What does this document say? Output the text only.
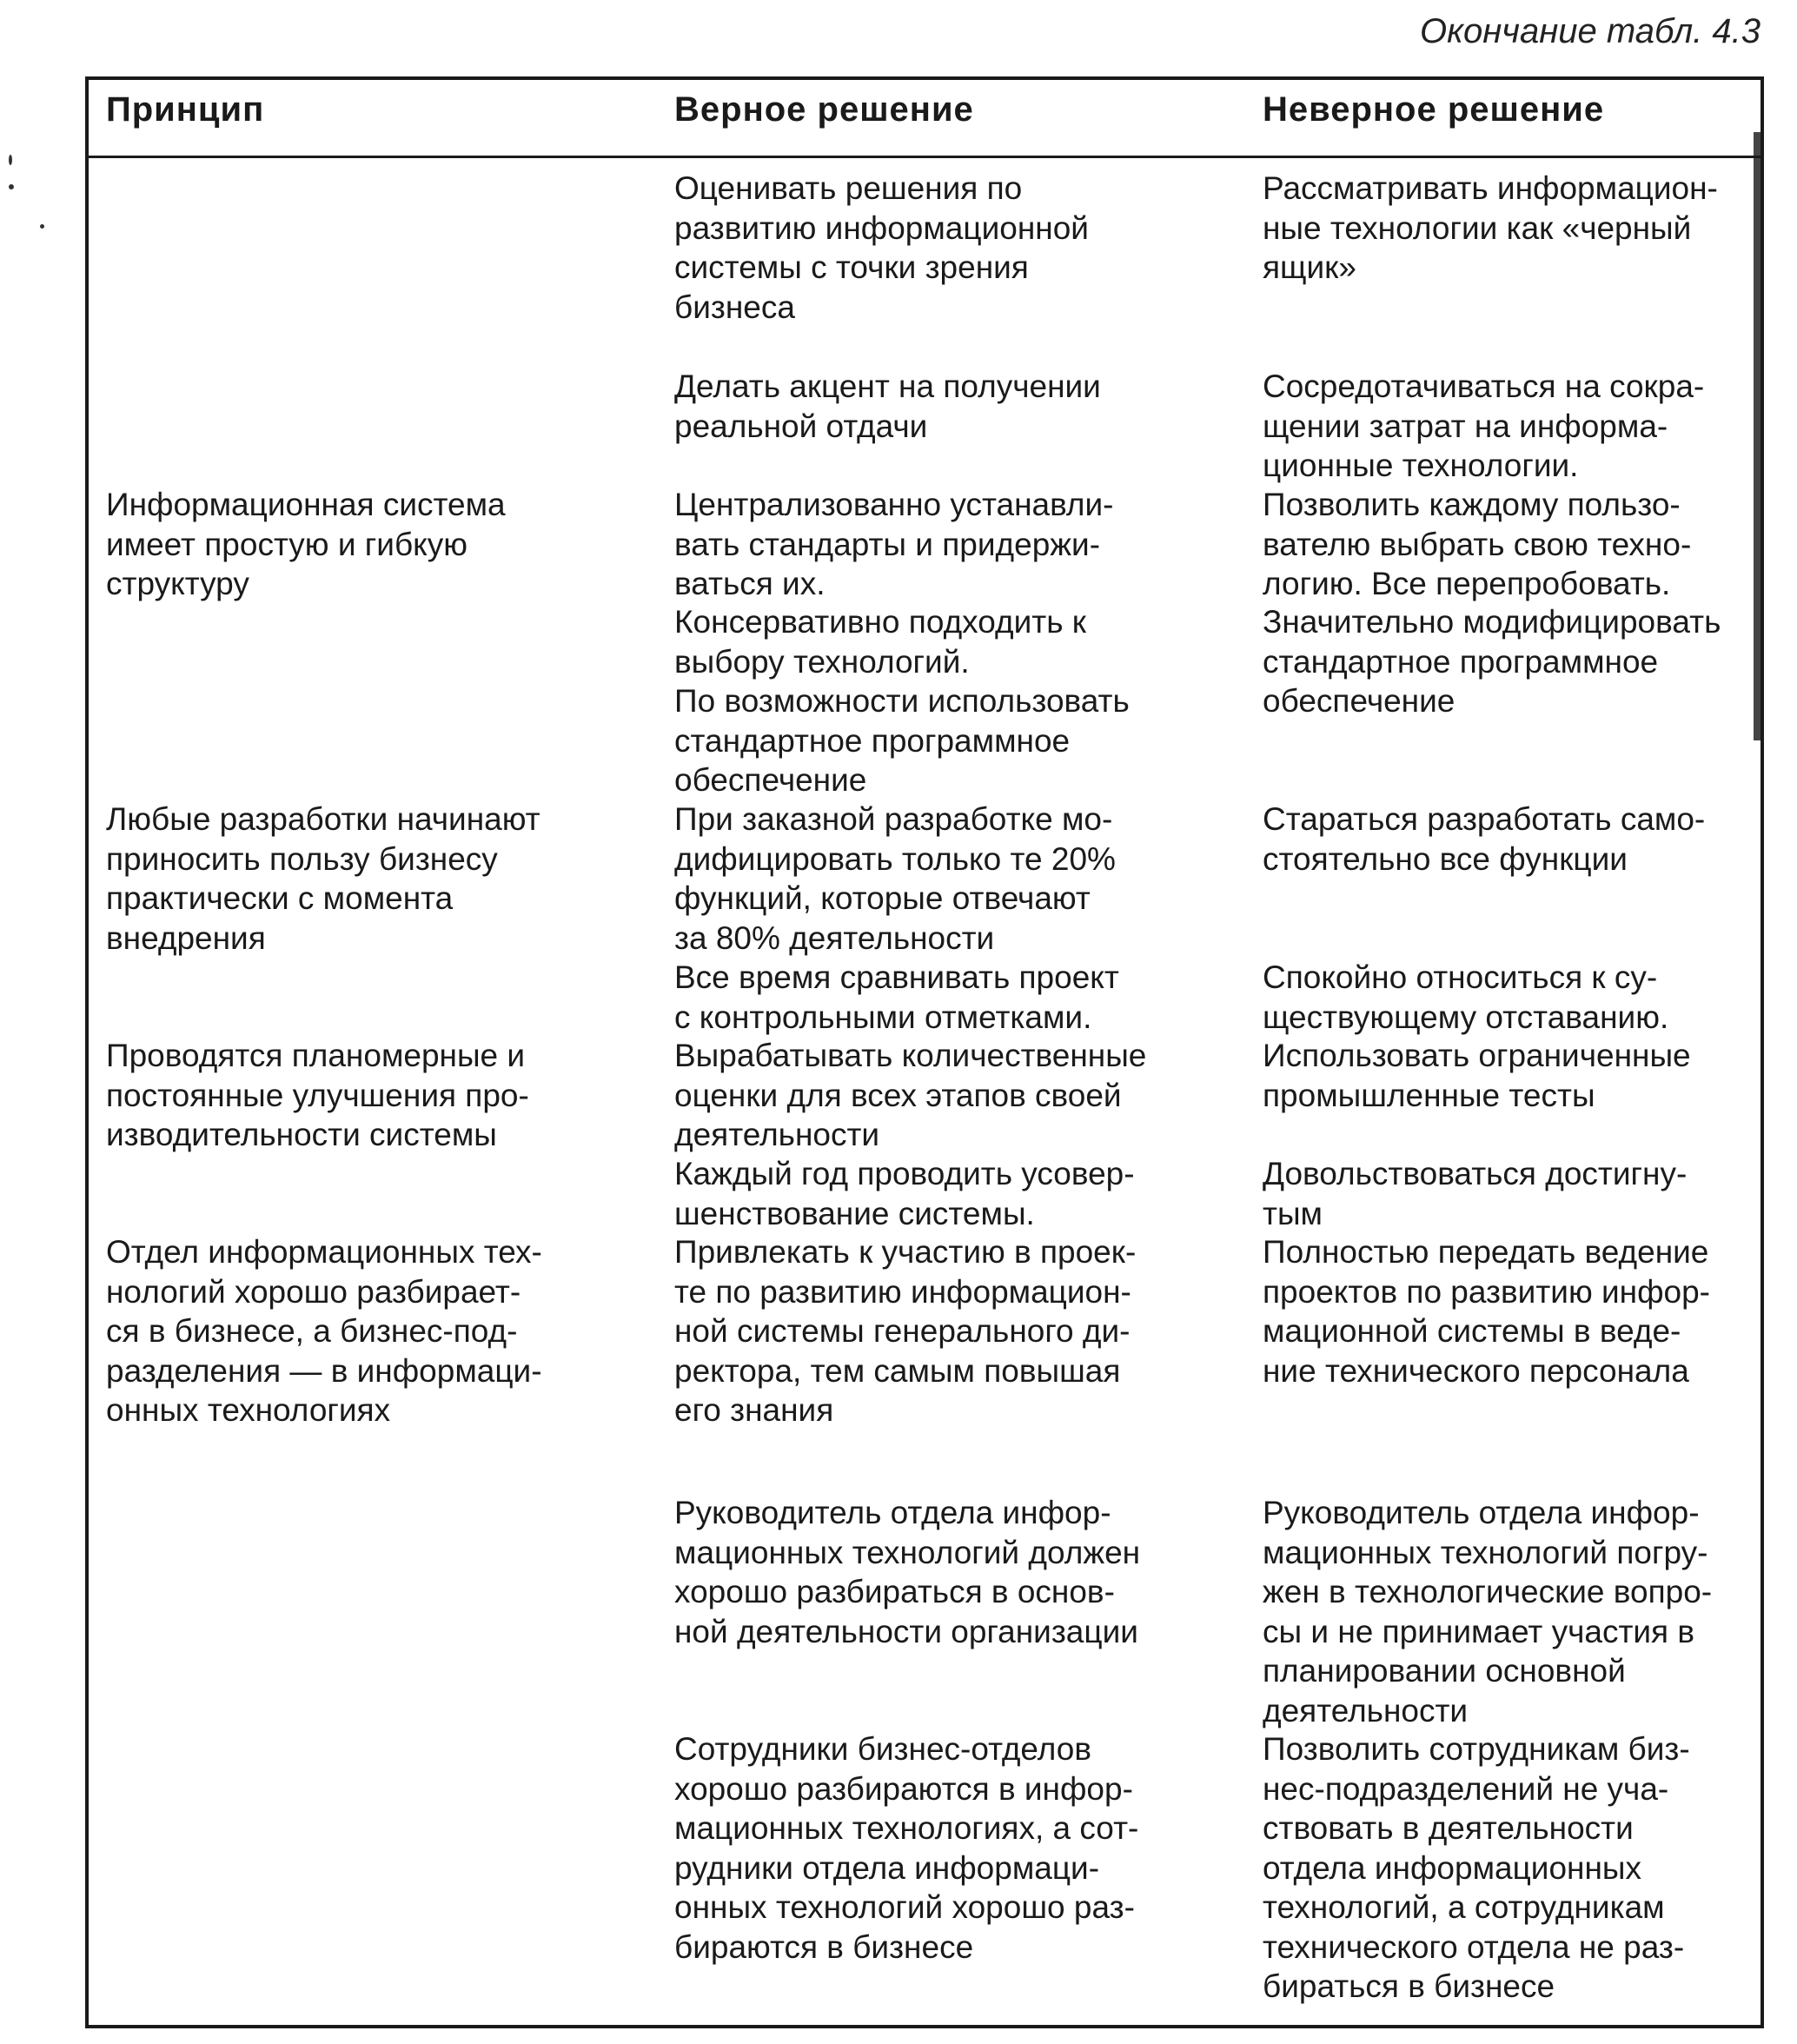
Окончание табл. 4.3
Принцип	Верное решение	Неверное решение
Оценивать решения по
развитию информационной
системы с точки зрения
бизнеса
Рассматривать информацион-
ные технологии как «черный
ящик»
Делать акцент на получении
реальной отдачи
Сосредотачиваться на сокра-
щении затрат на информа-
ционные технологии.
Информационная система
имеет простую и гибкую
структуру
Централизованно устанавли-
вать стандарты и придержи-
ваться их.
Позволить каждому пользо-
вателю выбрать свою техно-
логию. Все перепробовать.
Консервативно подходить к
выбору технологий.
Значительно модифицировать
стандартное программное
обеспечение
По возможности использовать
стандартное программное
обеспечение
Любые разработки начинают
приносить пользу бизнесу
практически с момента
внедрения
При заказной разработке мо-
дифицировать только те 20%
функций, которые отвечают
за 80% деятельности
Стараться разработать само-
стоятельно все функции
Все время сравнивать проект
с контрольными отметками.
Спокойно относиться к су-
ществующему отставанию.
Проводятся планомерные и
постоянные улучшения про-
изводительности системы
Вырабатывать количественные
оценки для всех этапов своей
деятельности
Использовать ограниченные
промышленные тесты
Каждый год проводить усовер-
шенствование системы.
Довольствоваться достигну-
тым
Отдел информационных тех-
нологий хорошо разбирает-
ся в бизнесе, а бизнес-под-
разделения — в информаци-
онных технологиях
Привлекать к участию в проек-
те по развитию информацион-
ной системы генерального ди-
ректора, тем самым повышая
его знания
Полностью передать ведение
проектов по развитию инфор-
мационной системы в веде-
ние технического персонала
Руководитель отдела инфор-
мационных технологий должен
хорошо разбираться в основ-
ной деятельности организации
Руководитель отдела инфор-
мационных технологий погру-
жен в технологические вопро-
сы и не принимает участия в
планировании основной
деятельности
Сотрудники бизнес-отделов
хорошо разбираются в инфор-
мационных технологиях, а сот-
рудники отдела информаци-
онных технологий хорошо раз-
бираются в бизнесе
Позволить сотрудникам биз-
нес-подразделений не уча-
ствовать в деятельности
отдела информационных
технологий, а сотрудникам
технического отдела не раз-
бираться в бизнесе
